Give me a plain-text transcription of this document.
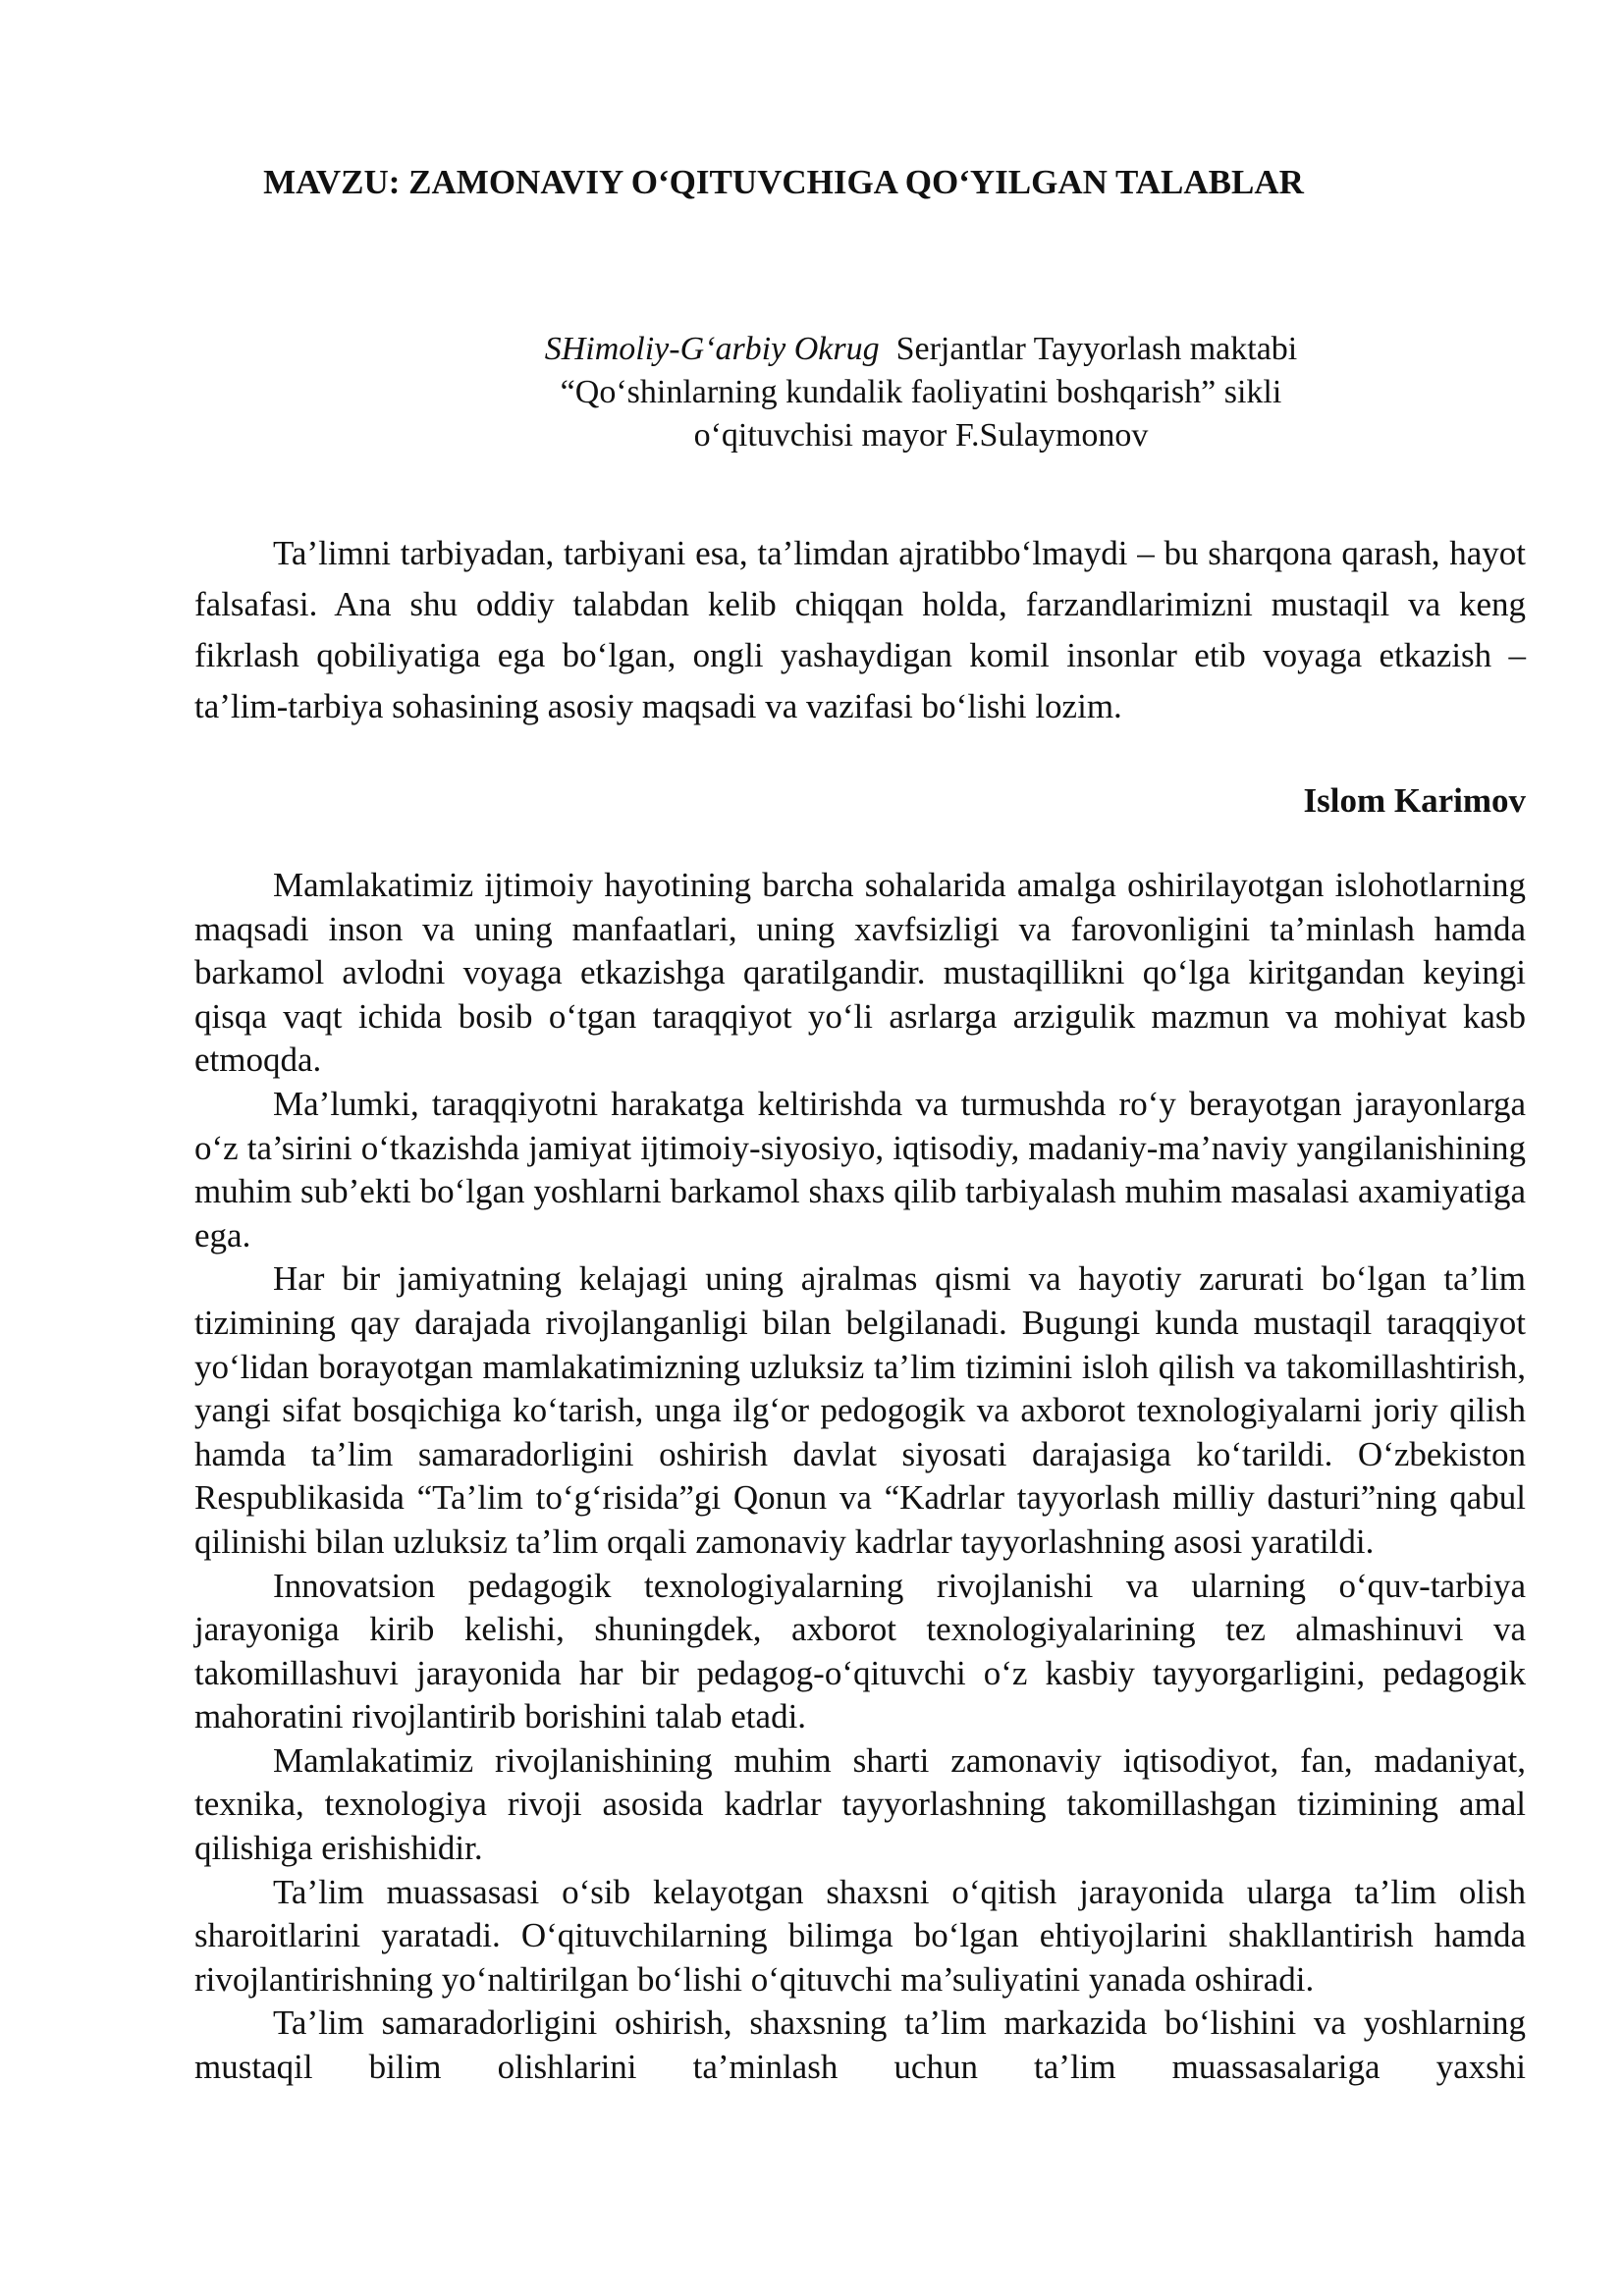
MAVZU: ZAMONAVIY O‘QITUVCHIGA QO‘YILGAN TALABLAR
SHimoliy-G‘arbiy Okrug  Serjantlar Tayyorlash maktabi
“Qo‘shinlarning kundalik faoliyatini boshqarish” sikli
o‘qituvchisi mayor F.Sulaymonov

Ta’limni tarbiyadan, tarbiyani esa, ta’limdan ajratibbo‘lmaydi – bu sharqona qarash, hayot falsafasi. Ana shu oddiy talabdan kelib chiqqan holda, farzandlarimizni mustaqil va keng fikrlash qobiliyatiga ega bo‘lgan, ongli yashaydigan komil insonlar etib voyaga etkazish – ta’lim-tarbiya sohasining asosiy maqsadi va vazifasi bo‘lishi lozim.

Islom Karimov

Mamlakatimiz ijtimoiy hayotining barcha sohalarida amalga oshirilayotgan islohotlarning maqsadi inson va uning manfaatlari, uning xavfsizligi va farovonligini ta’minlash hamda barkamol avlodni voyaga etkazishga qaratilgandir. mustaqillikni qo‘lga kiritgandan keyingi qisqa vaqt ichida bosib o‘tgan taraqqiyot yo‘li asrlarga arzigulik mazmun va mohiyat kasb etmoqda.

Ma’lumki, taraqqiyotni harakatga keltirishda va turmushda ro‘y berayotgan jarayonlarga o‘z ta’sirini o‘tkazishda jamiyat ijtimoiy-siyosiyo, iqtisodiy, madaniy-ma’naviy yangilanishining muhim sub’ekti bo‘lgan yoshlarni barkamol shaxs qilib tarbiyalash muhim masalasi axamiyatiga ega.

Har bir jamiyatning kelajagi uning ajralmas qismi va hayotiy zarurati bo‘lgan ta’lim tizimining qay darajada rivojlanganligi bilan belgilanadi. Bugungi kunda mustaqil taraqqiyot yo‘lidan borayotgan mamlakatimizning uzluksiz ta’lim tizimini isloh qilish va takomillashtirish, yangi sifat bosqichiga ko‘tarish, unga ilg‘or pedogogik va axborot texnologiyalarni joriy qilish hamda ta’lim samaradorligini oshirish davlat siyosati darajasiga ko‘tarildi. O‘zbekiston Respublikasida “Ta’lim to‘g‘risida”gi Qonun va “Kadrlar tayyorlash milliy dasturi”ning qabul qilinishi bilan uzluksiz ta’lim orqali zamonaviy kadrlar tayyorlashning asosi yaratildi.

Innovatsion pedagogik texnologiyalarning rivojlanishi va ularning o‘quv-tarbiya jarayoniga kirib kelishi, shuningdek, axborot texnologiyalarining tez almashinuvi va takomillashuvi jarayonida har bir pedagog-o‘qituvchi o‘z kasbiy tayyorgarligini, pedagogik mahoratini rivojlantirib borishini talab etadi.

Mamlakatimiz rivojlanishining muhim sharti zamonaviy iqtisodiyot, fan, madaniyat, texnika, texnologiya rivoji asosida kadrlar tayyorlashning takomillashgan tizimining amal qilishiga erishishidir.

Ta’lim muassasasi o‘sib kelayotgan shaxsni o‘qitish jarayonida ularga ta’lim olish sharoitlarini yaratadi. O‘qituvchilarning bilimga bo‘lgan ehtiyojlarini shakllantirish hamda rivojlantirishning yo‘naltirilgan bo‘lishi o‘qituvchi ma’suliyatini yanada oshiradi.

Ta’lim samaradorligini oshirish, shaxsning ta’lim markazida bo‘lishini va yoshlarning mustaqil bilim olishlarini ta’minlash uchun ta’lim muassasalariga yaxshi
